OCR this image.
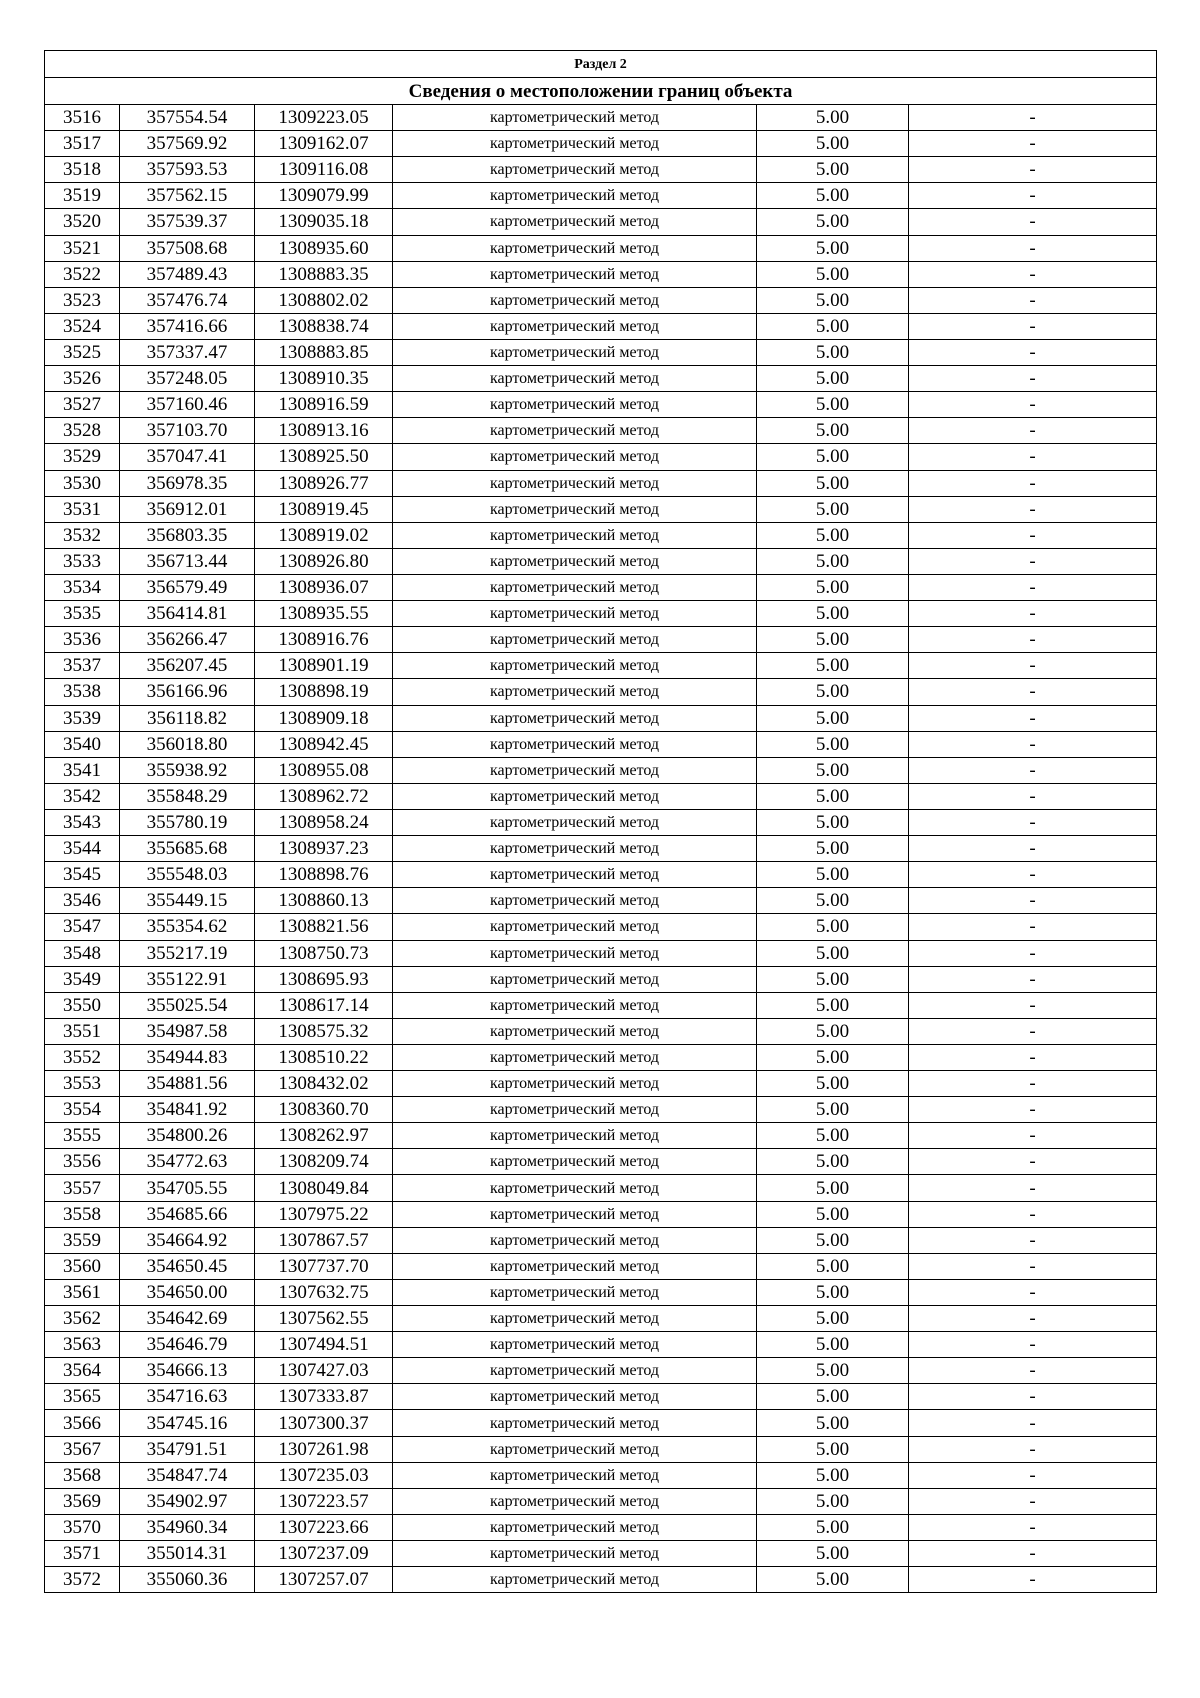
Раздел 2					
Сведения о местоположении границ объекта					
3516	357554.54	1309223.05	картометрический метод	5.00	-
3517	357569.92	1309162.07	картометрический метод	5.00	-
3518	357593.53	1309116.08	картометрический метод	5.00	-
3519	357562.15	1309079.99	картометрический метод	5.00	-
3520	357539.37	1309035.18	картометрический метод	5.00	-
3521	357508.68	1308935.60	картометрический метод	5.00	-
3522	357489.43	1308883.35	картометрический метод	5.00	-
3523	357476.74	1308802.02	картометрический метод	5.00	-
3524	357416.66	1308838.74	картометрический метод	5.00	-
3525	357337.47	1308883.85	картометрический метод	5.00	-
3526	357248.05	1308910.35	картометрический метод	5.00	-
3527	357160.46	1308916.59	картометрический метод	5.00	-
3528	357103.70	1308913.16	картометрический метод	5.00	-
3529	357047.41	1308925.50	картометрический метод	5.00	-
3530	356978.35	1308926.77	картометрический метод	5.00	-
3531	356912.01	1308919.45	картометрический метод	5.00	-
3532	356803.35	1308919.02	картометрический метод	5.00	-
3533	356713.44	1308926.80	картометрический метод	5.00	-
3534	356579.49	1308936.07	картометрический метод	5.00	-
3535	356414.81	1308935.55	картометрический метод	5.00	-
3536	356266.47	1308916.76	картометрический метод	5.00	-
3537	356207.45	1308901.19	картометрический метод	5.00	-
3538	356166.96	1308898.19	картометрический метод	5.00	-
3539	356118.82	1308909.18	картометрический метод	5.00	-
3540	356018.80	1308942.45	картометрический метод	5.00	-
3541	355938.92	1308955.08	картометрический метод	5.00	-
3542	355848.29	1308962.72	картометрический метод	5.00	-
3543	355780.19	1308958.24	картометрический метод	5.00	-
3544	355685.68	1308937.23	картометрический метод	5.00	-
3545	355548.03	1308898.76	картометрический метод	5.00	-
3546	355449.15	1308860.13	картометрический метод	5.00	-
3547	355354.62	1308821.56	картометрический метод	5.00	-
3548	355217.19	1308750.73	картометрический метод	5.00	-
3549	355122.91	1308695.93	картометрический метод	5.00	-
3550	355025.54	1308617.14	картометрический метод	5.00	-
3551	354987.58	1308575.32	картометрический метод	5.00	-
3552	354944.83	1308510.22	картометрический метод	5.00	-
3553	354881.56	1308432.02	картометрический метод	5.00	-
3554	354841.92	1308360.70	картометрический метод	5.00	-
3555	354800.26	1308262.97	картометрический метод	5.00	-
3556	354772.63	1308209.74	картометрический метод	5.00	-
3557	354705.55	1308049.84	картометрический метод	5.00	-
3558	354685.66	1307975.22	картометрический метод	5.00	-
3559	354664.92	1307867.57	картометрический метод	5.00	-
3560	354650.45	1307737.70	картометрический метод	5.00	-
3561	354650.00	1307632.75	картометрический метод	5.00	-
3562	354642.69	1307562.55	картометрический метод	5.00	-
3563	354646.79	1307494.51	картометрический метод	5.00	-
3564	354666.13	1307427.03	картометрический метод	5.00	-
3565	354716.63	1307333.87	картометрический метод	5.00	-
3566	354745.16	1307300.37	картометрический метод	5.00	-
3567	354791.51	1307261.98	картометрический метод	5.00	-
3568	354847.74	1307235.03	картометрический метод	5.00	-
3569	354902.97	1307223.57	картометрический метод	5.00	-
3570	354960.34	1307223.66	картометрический метод	5.00	-
3571	355014.31	1307237.09	картометрический метод	5.00	-
3572	355060.36	1307257.07	картометрический метод	5.00	-
